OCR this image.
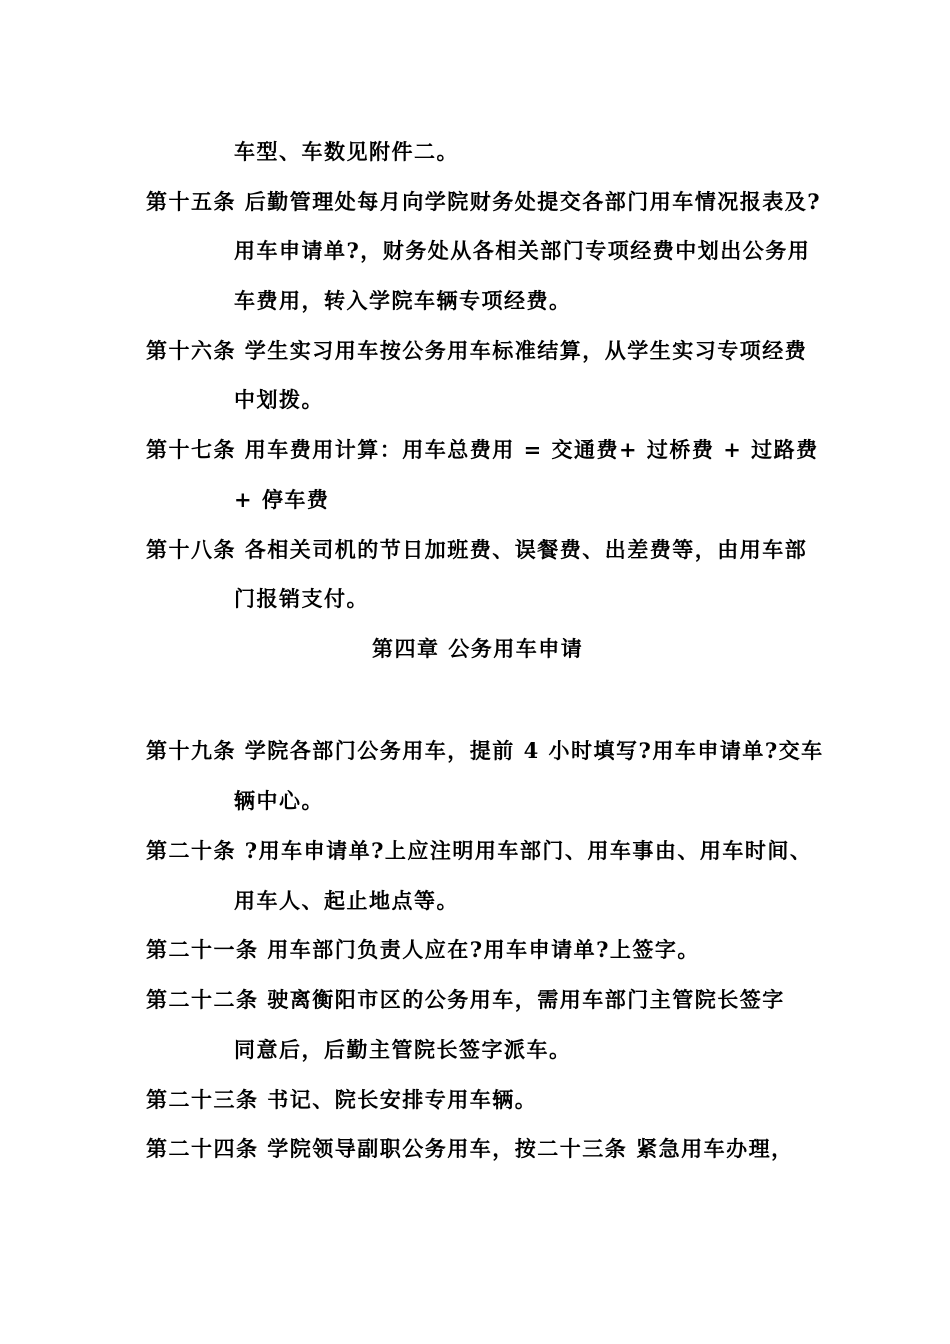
车型、车数见附件二。
第十五条 后勤管理处每月向学院财务处提交各部门用车情况报表及?
用车申请单?，财务处从各相关部门专项经费中划出公务用
车费用，转入学院车辆专项经费。
第十六条 学生实习用车按公务用车标准结算，从学生实习专项经费
中划拨。
第十七条 用车费用计算：用车总费用 = 交通费+ 过桥费 + 过路费
+ 停车费
第十八条 各相关司机的节日加班费、误餐费、出差费等，由用车部
门报销支付。
第四章 公务用车申请
第十九条 学院各部门公务用车，提前 4 小时填写?用车申请单?交车
辆中心。
第二十条 ?用车申请单?上应注明用车部门、用车事由、用车时间、
用车人、起止地点等。
第二十一条 用车部门负责人应在?用车申请单?上签字。
第二十二条 驶离衡阳市区的公务用车，需用车部门主管院长签字
同意后，后勤主管院长签字派车。
第二十三条 书记、院长安排专用车辆。
第二十四条 学院领导副职公务用车，按二十三条 紧急用车办理，
